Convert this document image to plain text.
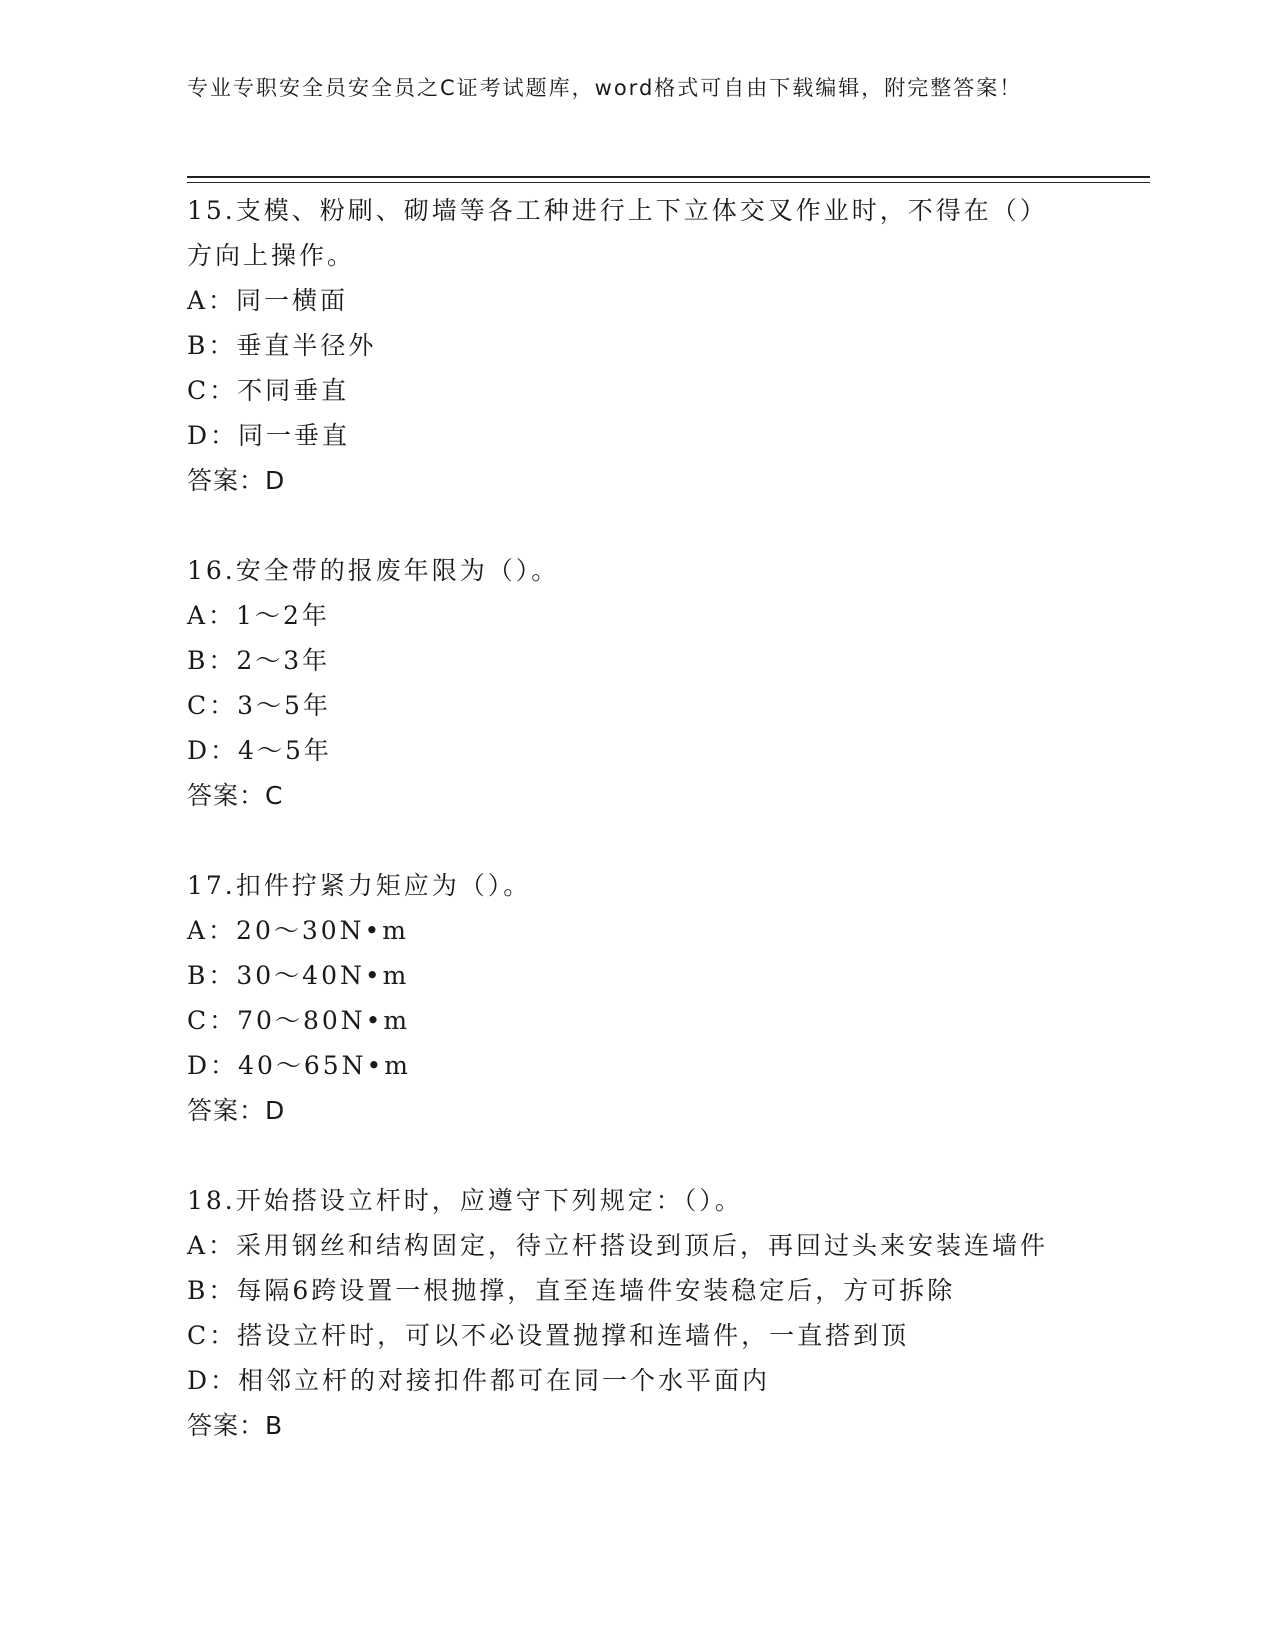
专业专职安全员安全员之C证考试题库，word格式可自由下载编辑，附完整答案！
15.支模、粉刷、砌墙等各工种进行上下立体交叉作业时，不得在（）方向上操作。
A：同一横面
B：垂直半径外
C：不同垂直
D：同一垂直
答案：D
16.安全带的报废年限为（）。
A：1～2年
B：2～3年
C：3～5年
D：4～5年
答案：C
17.扣件拧紧力矩应为（）。
A：20～30N•m
B：30～40N•m
C：70～80N•m
D：40～65N•m
答案：D
18.开始搭设立杆时，应遵守下列规定：（）。
A：采用钢丝和结构固定，待立杆搭设到顶后，再回过头来安装连墙件
B：每隔6跨设置一根抛撑，直至连墙件安装稳定后，方可拆除
C：搭设立杆时，可以不必设置抛撑和连墙件，一直搭到顶
D：相邻立杆的对接扣件都可在同一个水平面内
答案：B
